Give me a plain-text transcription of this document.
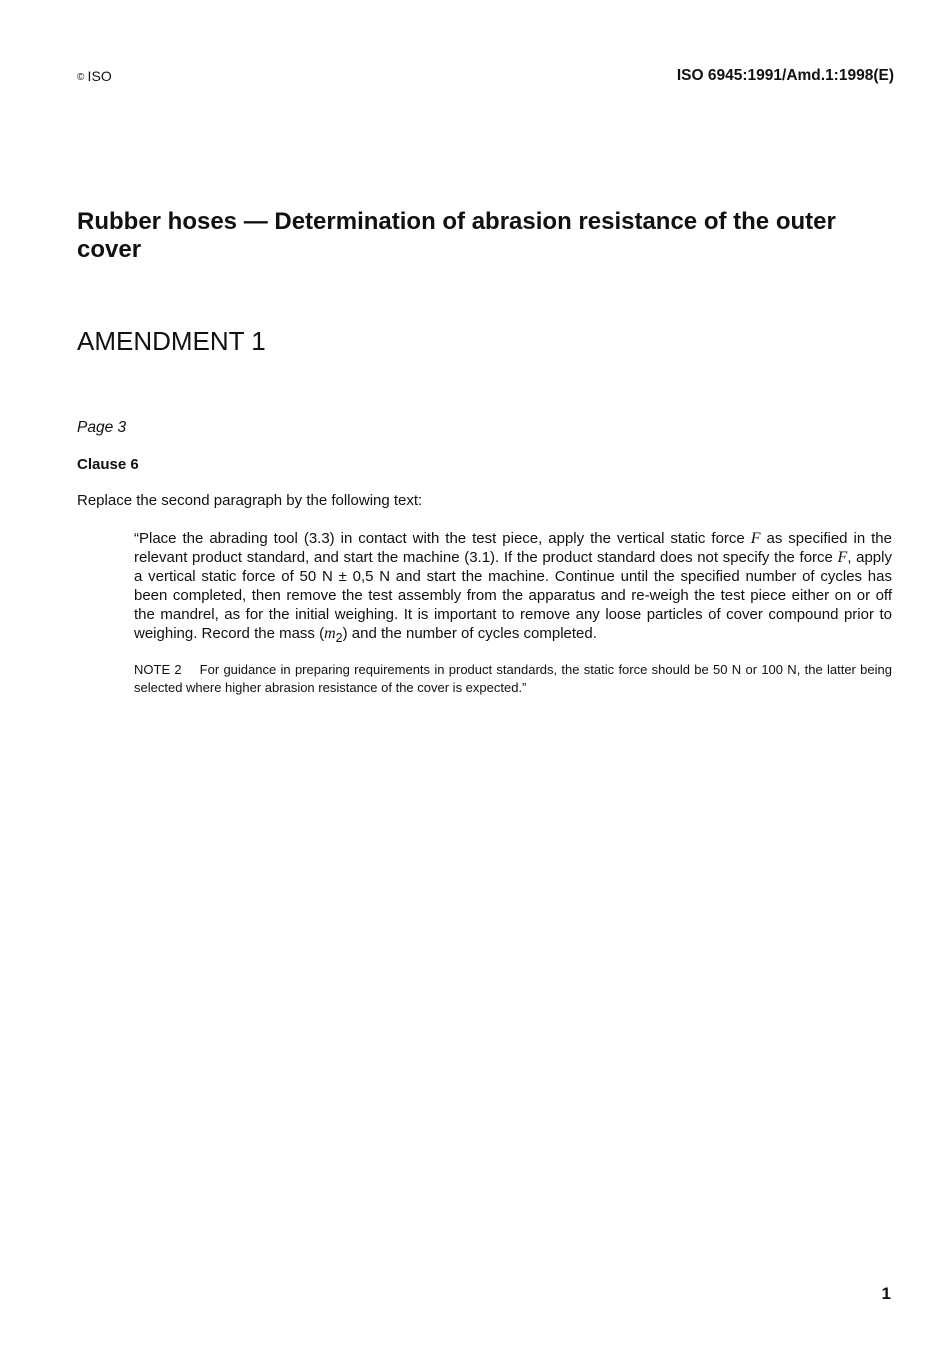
© ISO	ISO 6945:1991/Amd.1:1998(E)
Rubber hoses — Determination of abrasion resistance of the outer cover
AMENDMENT 1
Page 3
Clause 6
Replace the second paragraph by the following text:

“Place the abrading tool (3.3) in contact with the test piece, apply the vertical static force F as specified in the relevant product standard, and start the machine (3.1). If the product standard does not specify the force F, apply a vertical static force of 50 N ± 0,5 N and start the machine. Continue until the specified number of cycles has been completed, then remove the test assembly from the apparatus and re-weigh the test piece either on or off the mandrel, as for the initial weighing. It is important to remove any loose particles of cover compound prior to weighing. Record the mass $(m_2)$ and the number of cycles completed.

NOTE 2 For guidance in preparing requirements in product standards, the static force should be 50 N or 100 N, the latter being selected where higher abrasion resistance of the cover is expected.”

1
